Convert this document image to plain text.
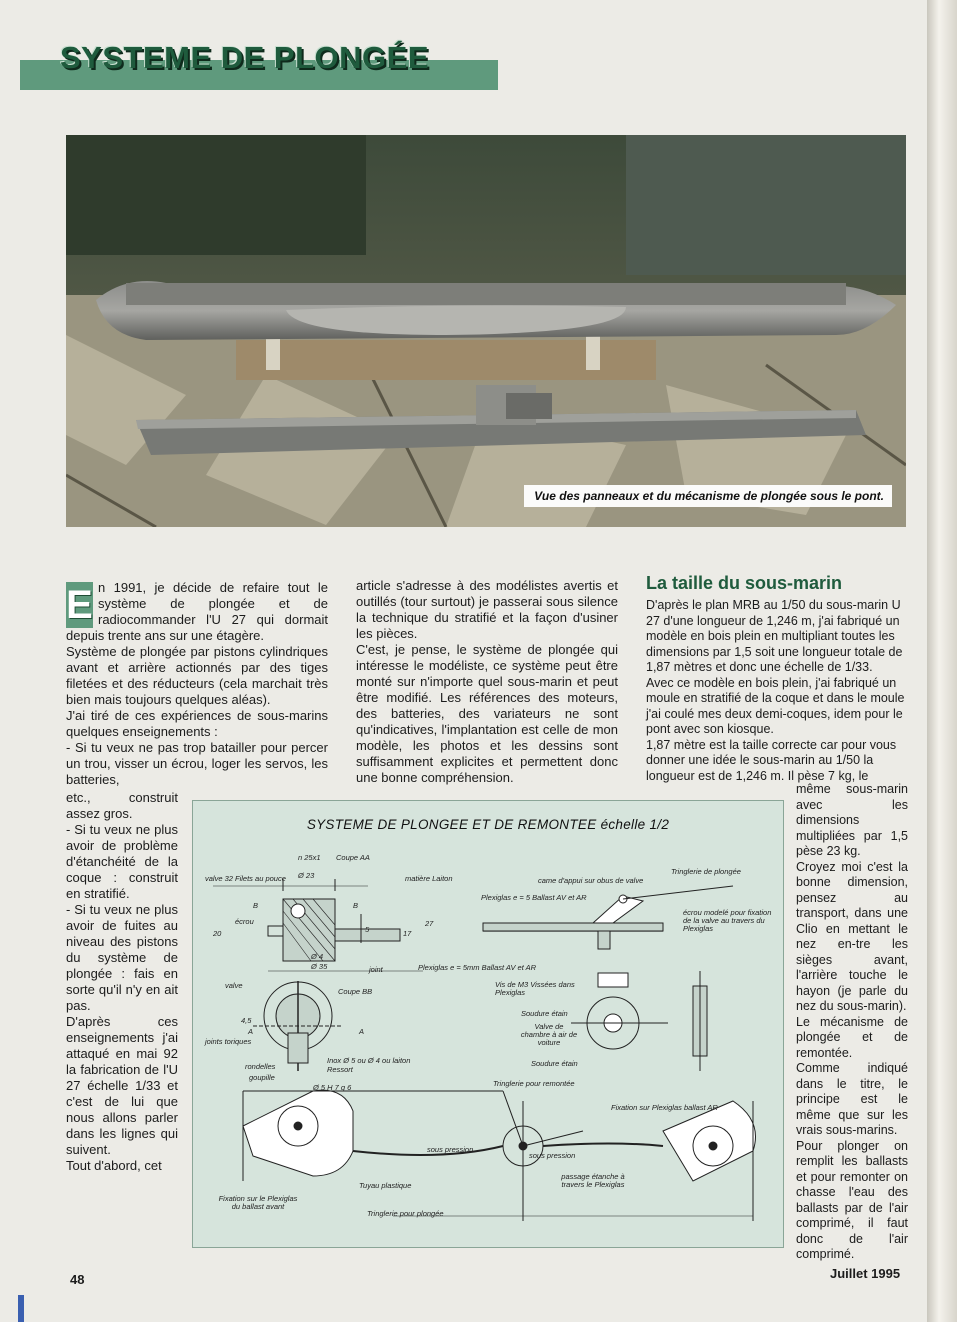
SYSTEME DE PLONGÉE
Vue des panneaux et du mécanisme de plongée sous le pont.
E n 1991, je décide de refaire tout le système de plongée et de radiocommander l'U 27 qui dormait depuis trente ans sur une étagère.

Système de plongée par pistons cylindriques avant et arrière actionnés par des tiges filetées et des réducteurs (cela marchait très bien mais toujours quelques aléas).

J'ai tiré de ces expériences de sous-marins quelques enseignements :

- Si tu veux ne pas trop batailler pour percer un trou, visser un écrou, loger les servos, les batteries,

etc., construit assez gros.

- Si tu veux ne plus avoir de problème d'étanchéité de la coque : construit en stratifié.

- Si tu veux ne plus avoir de fuites au niveau des pistons du système de plongée : fais en sorte qu'il n'y en ait pas.

D'après ces enseignements j'ai attaqué en mai 92 la fabrication de l'U 27 échelle 1/33 et c'est de lui que nous allons parler dans les lignes qui suivent.

Tout d'abord, cet

article s'adresse à des modélistes avertis et outillés (tour surtout) je passerai sous silence la technique du stratifié et la façon d'usiner les pièces.

C'est, je pense, le système de plongée qui intéresse le modéliste, ce système peut être monté sur n'importe quel sous-marin et peut être modifié. Les références des moteurs, des batteries, des variateurs ne sont qu'indicatives, l'implantation est celle de mon modèle, les photos et les dessins sont suffisamment explicites et permettent donc une bonne compréhension.

La taille du sous-marin

D'après le plan MRB au 1/50 du sous-marin U 27 d'une longueur de 1,246 m, j'ai fabriqué un modèle en bois plein en multipliant toutes les dimensions par 1,5 soit une longueur totale de 1,87 mètres et donc une échelle de 1/33.

Avec ce modèle en bois plein, j'ai fabriqué un moule en stratifié de la coque et dans le moule j'ai coulé mes deux demi-coques, idem pour le pont avec son kiosque.

1,87 mètre est la taille correcte car pour vous donner une idée le sous-marin au 1/50 la longueur est de 1,246 m. Il pèse 7 kg, le

même sous-marin avec les dimensions multipliées par 1,5 pèse 23 kg.

Croyez moi c'est la bonne dimension, pensez au transport, dans une Clio en mettant le nez en-tre les sièges avant, l'arrière touche le hayon (je parle du nez du sous-marin).

Le mécanisme de plongée et de remontée.

Comme indiqué dans le titre, le principe est le même que sur les vrais sous-marins.

Pour plonger on remplit les ballasts et pour remonter on chasse l'eau des ballasts par de l'air comprimé, il faut donc de l'air comprimé.

SYSTEME DE PLONGEE ET DE REMONTEE échelle 1/2
valve 32 Filets au pouce
n 25x1 Coupe AA
Ø 23	matière Laiton
écrou
B	B
20	5	17
27
Ø 4
Ø 35	joint
valve
Coupe BB
4,5
A	A
joints toriques
rondelles
goupille
Inox Ø 5 ou Ø 4 ou laiton
Ressort
Ø 5 H 7 g 6
came d'appui sur obus de valve
Tringlerie de plongée
Plexiglas e = 5 Ballast AV et AR
écrou modelé pour fixation de la valve au travers du Plexiglas
Plexiglas e = 5mm Ballast AV et AR
Vis de M3 Vissées dans Plexiglas
Soudure étain
Valve de chambre à air de voiture
Soudure étain
Tringlerie pour remontée
Fixation sur Plexiglas ballast AR
sous pression
sous pression
Tuyau plastique
passage étanche à travers le Plexiglas
Fixation sur le Plexiglas du ballast avant
Tringlerie pour plongée
48	Juillet 1995
